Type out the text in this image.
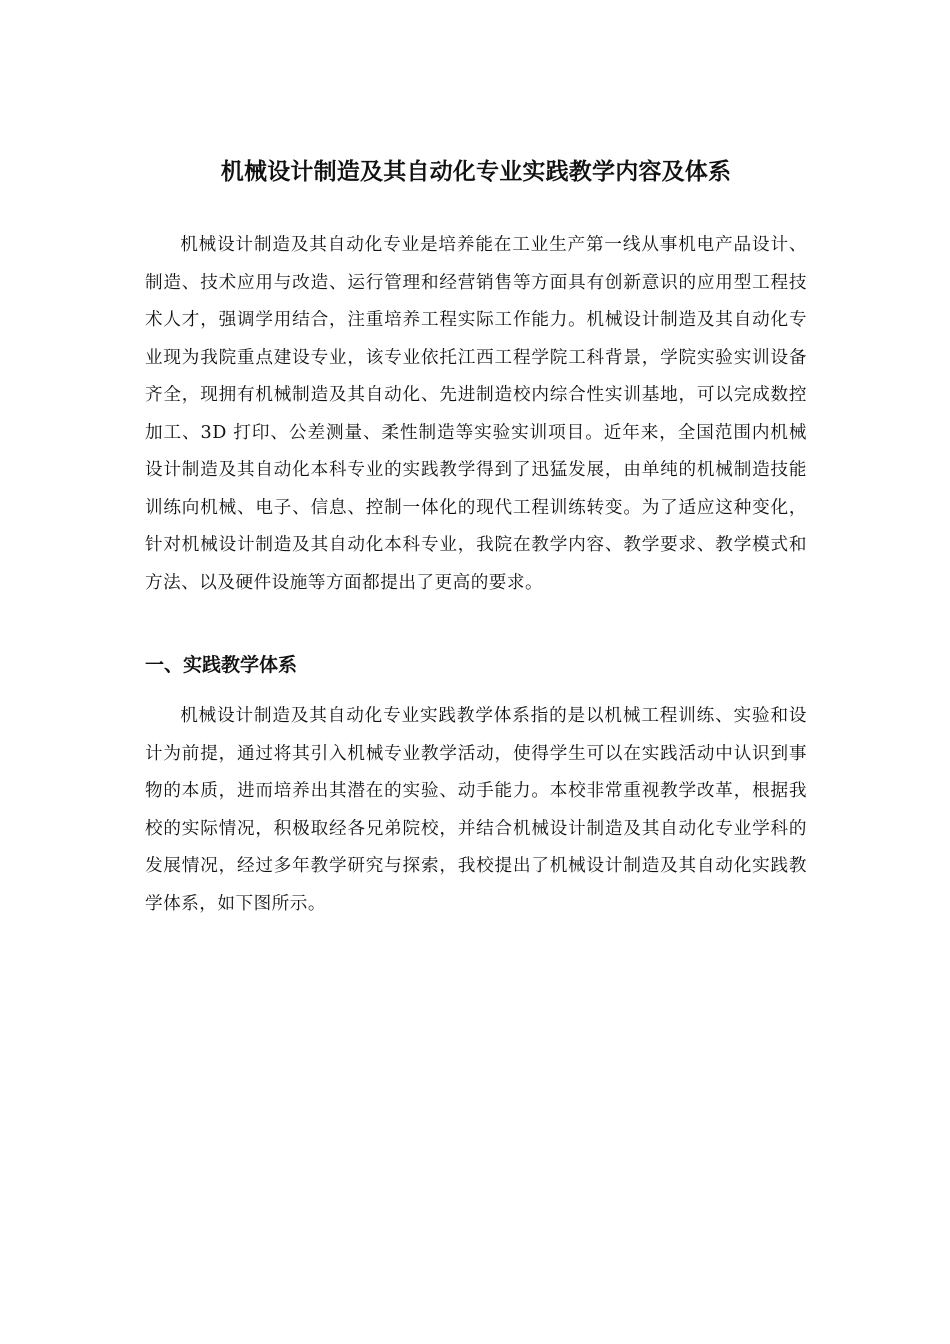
机械设计制造及其自动化专业实践教学内容及体系

机械设计制造及其自动化专业是培养能在工业生产第一线从事机电产品设计、制造、技术应用与改造、运行管理和经营销售等方面具有创新意识的应用型工程技术人才，强调学用结合，注重培养工程实际工作能力。机械设计制造及其自动化专业现为我院重点建设专业，该专业依托江西工程学院工科背景，学院实验实训设备齐全，现拥有机械制造及其自动化、先进制造校内综合性实训基地，可以完成数控加工、3D 打印、公差测量、柔性制造等实验实训项目。近年来，全国范围内机械设计制造及其自动化本科专业的实践教学得到了迅猛发展，由单纯的机械制造技能训练向机械、电子、信息、控制一体化的现代工程训练转变。为了适应这种变化，针对机械设计制造及其自动化本科专业，我院在教学内容、教学要求、教学模式和方法、以及硬件设施等方面都提出了更高的要求。

一、实践教学体系

机械设计制造及其自动化专业实践教学体系指的是以机械工程训练、实验和设计为前提，通过将其引入机械专业教学活动，使得学生可以在实践活动中认识到事物的本质，进而培养出其潜在的实验、动手能力。本校非常重视教学改革，根据我校的实际情况，积极取经各兄弟院校，并结合机械设计制造及其自动化专业学科的发展情况，经过多年教学研究与探索，我校提出了机械设计制造及其自动化实践教学体系，如下图所示。
